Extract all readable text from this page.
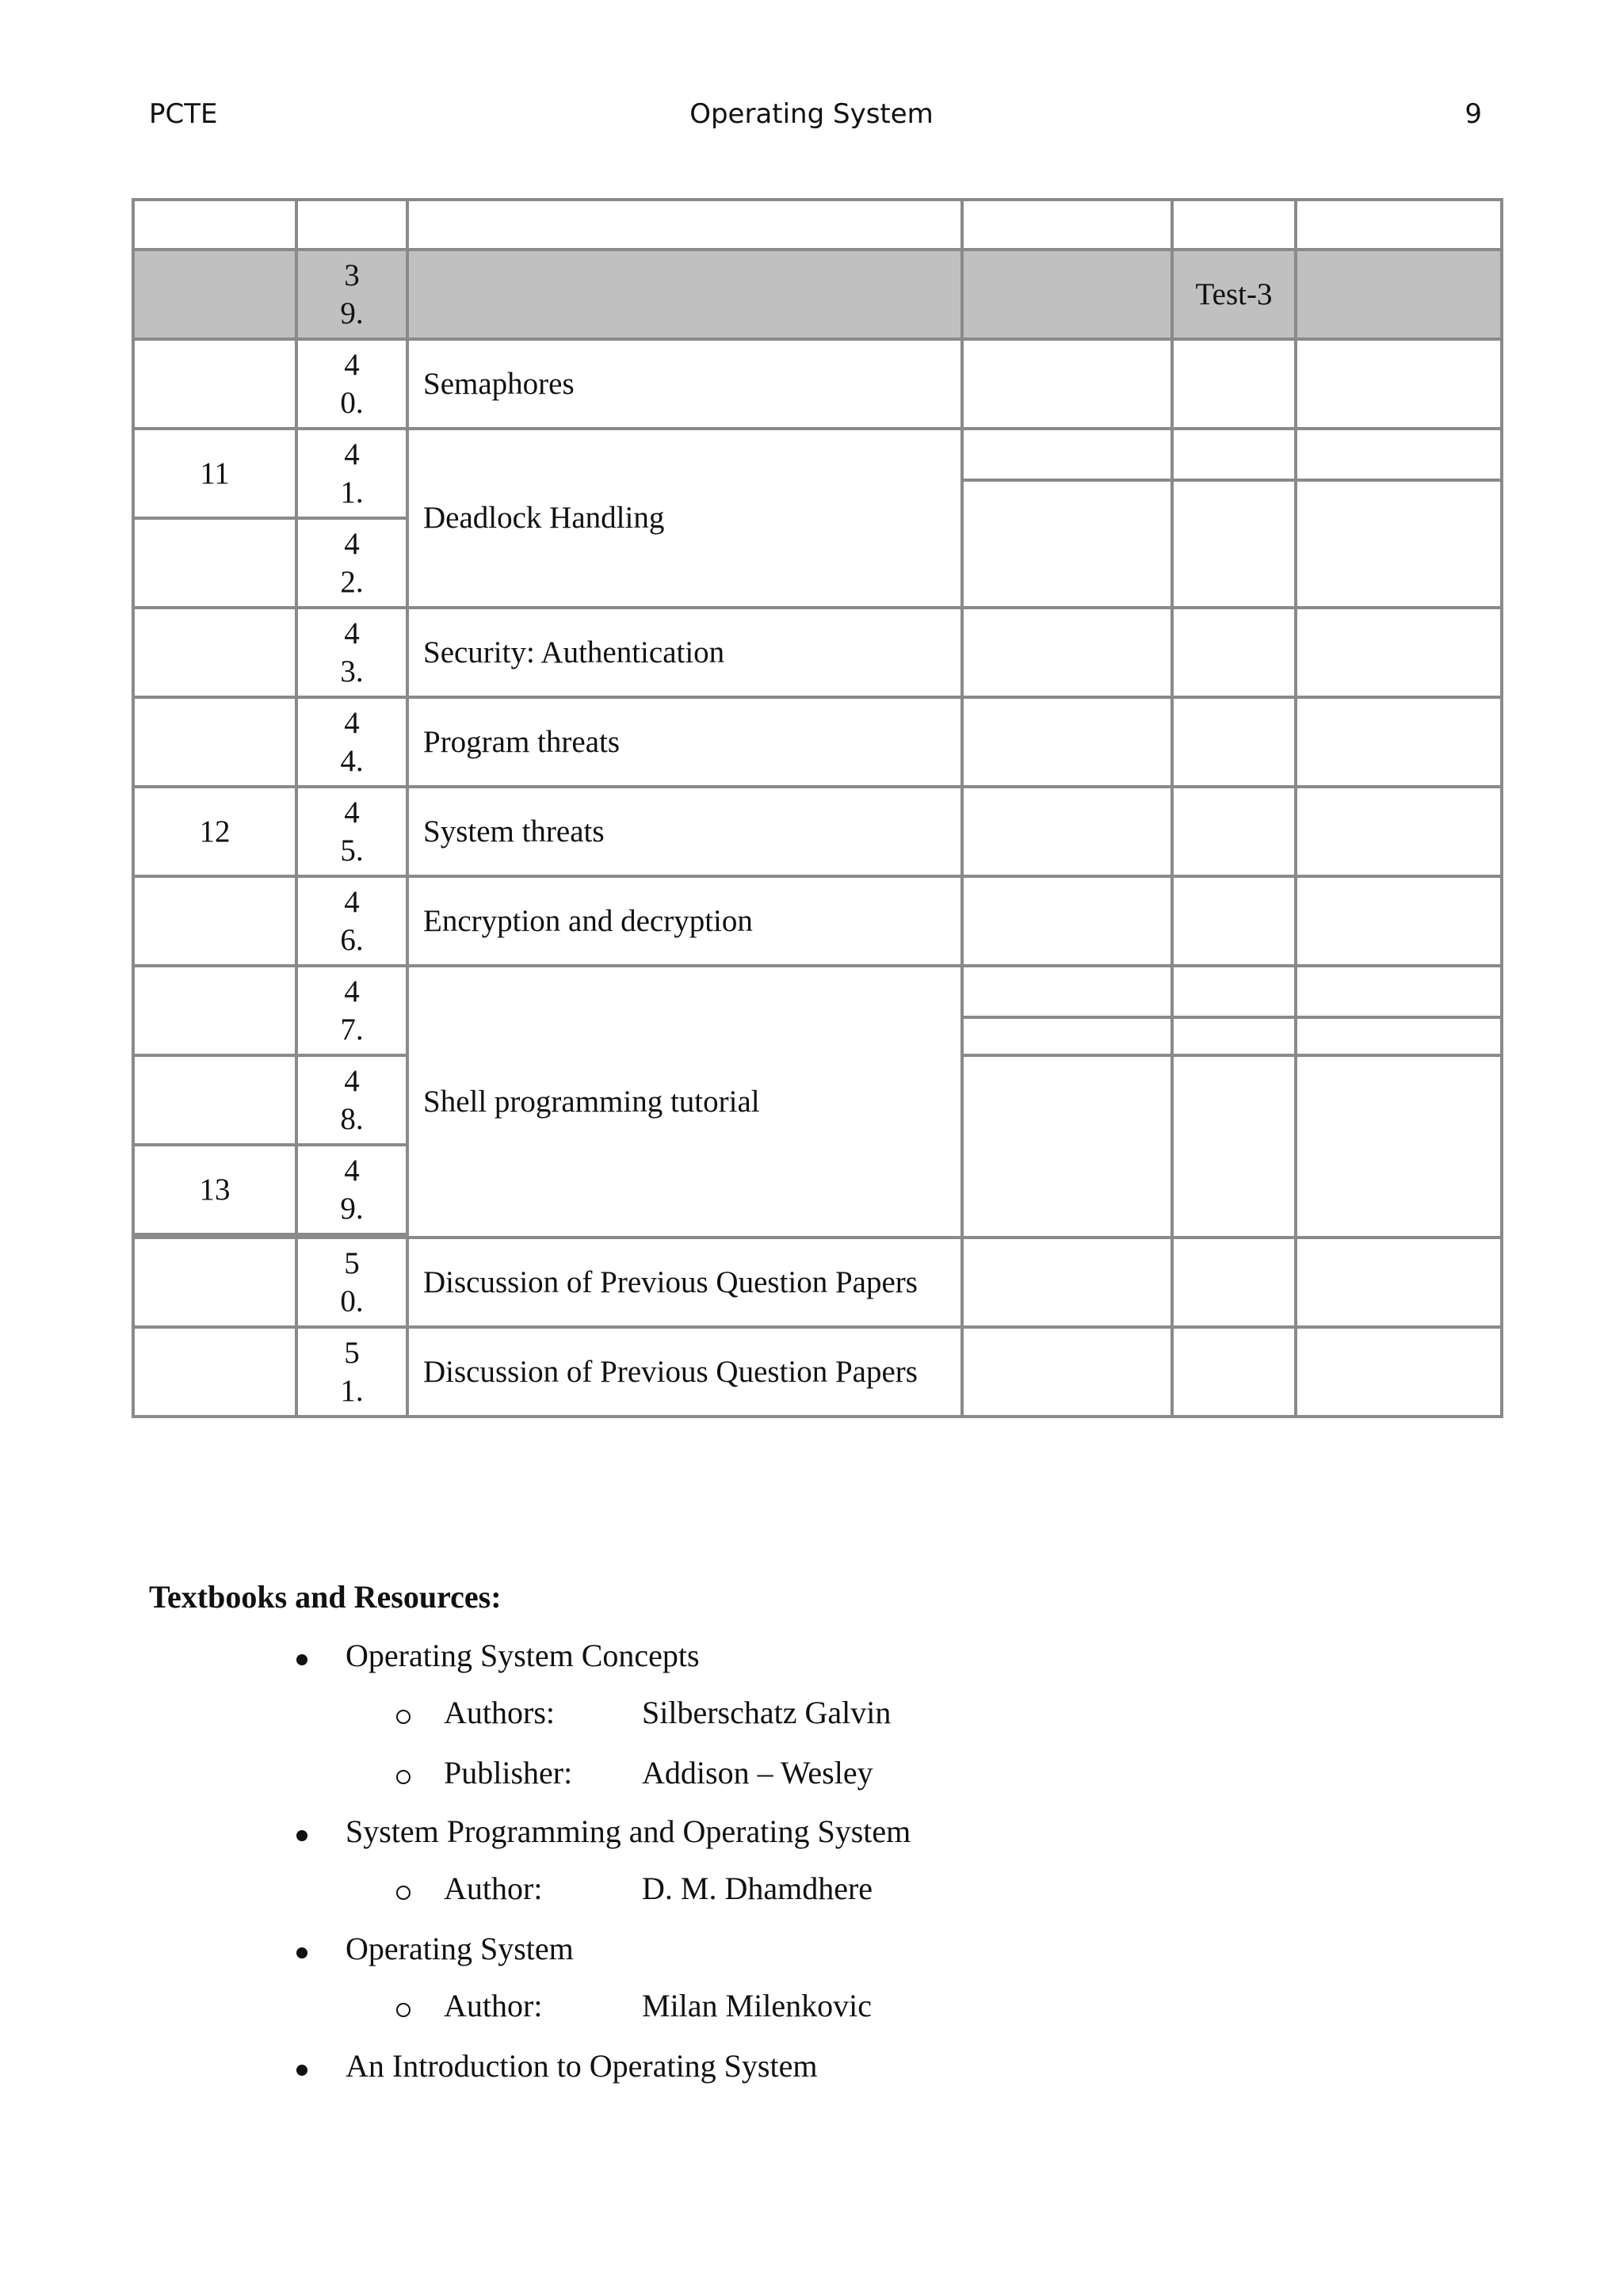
Operating System
PCTE	9

	3
9.			Test-3	
	4
0.	Semaphores			
11	4
1.	Deadlock Handling			

	4
2.				

	4
3.	Security: Authentication			
	4
4.	Program threats			
12	4
5.	System threats			
	4
6.	Encryption and decryption			
	4
7.	Shell programming tutorial			

	4
8.				
13	4
9.				

	5
0.	Discussion of Previous Question Papers			
	5
1.	Discussion of Previous Question Papers			
Textbooks and Resources:
Operating System Concepts
Authors:	Silberschatz Galvin
Publisher: Addison – Wesley
System Programming and Operating System
Author:	D. M. Dhamdhere
Operating System
Author:	Milan Milenkovic
An Introduction to Operating System
